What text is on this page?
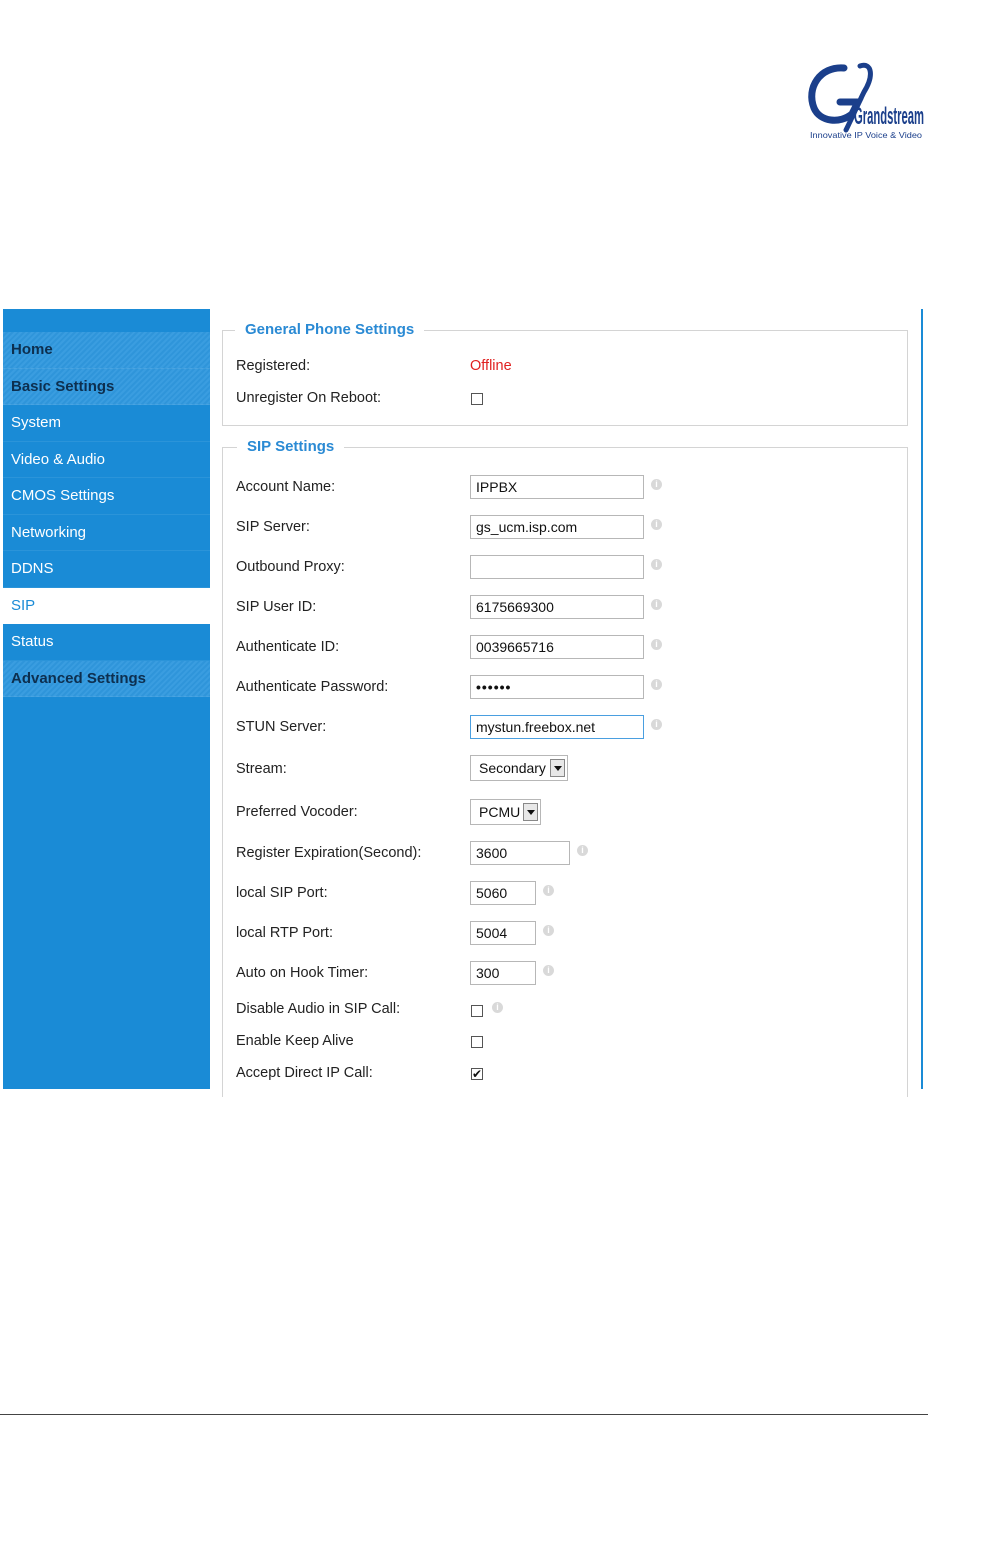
Grandstream
Innovative IP Voice & Video
Home
Basic Settings
System
Video & Audio
CMOS Settings
Networking
DDNS
SIP
Status
Advanced Settings
General Phone Settings
Registered:	Offline
Unregister On Reboot:
SIP Settings
Account Name:
IPPBX	i
SIP Server:
gs_ucm.isp.com	i
Outbound Proxy:	i
SIP User ID:
6175669300	i
Authenticate ID:
0039665716	i
Authenticate Password:
••••••	i
STUN Server:
mystun.freebox.net	i
Stream:	Secondary
Preferred Vocoder:	PCMU
Register Expiration(Second):
3600	i
local SIP Port:
5060	i
local RTP Port:
5004	i
Auto on Hook Timer:
300	i
Disable Audio in SIP Call:	i
Enable Keep Alive
Accept Direct IP Call:	✔
